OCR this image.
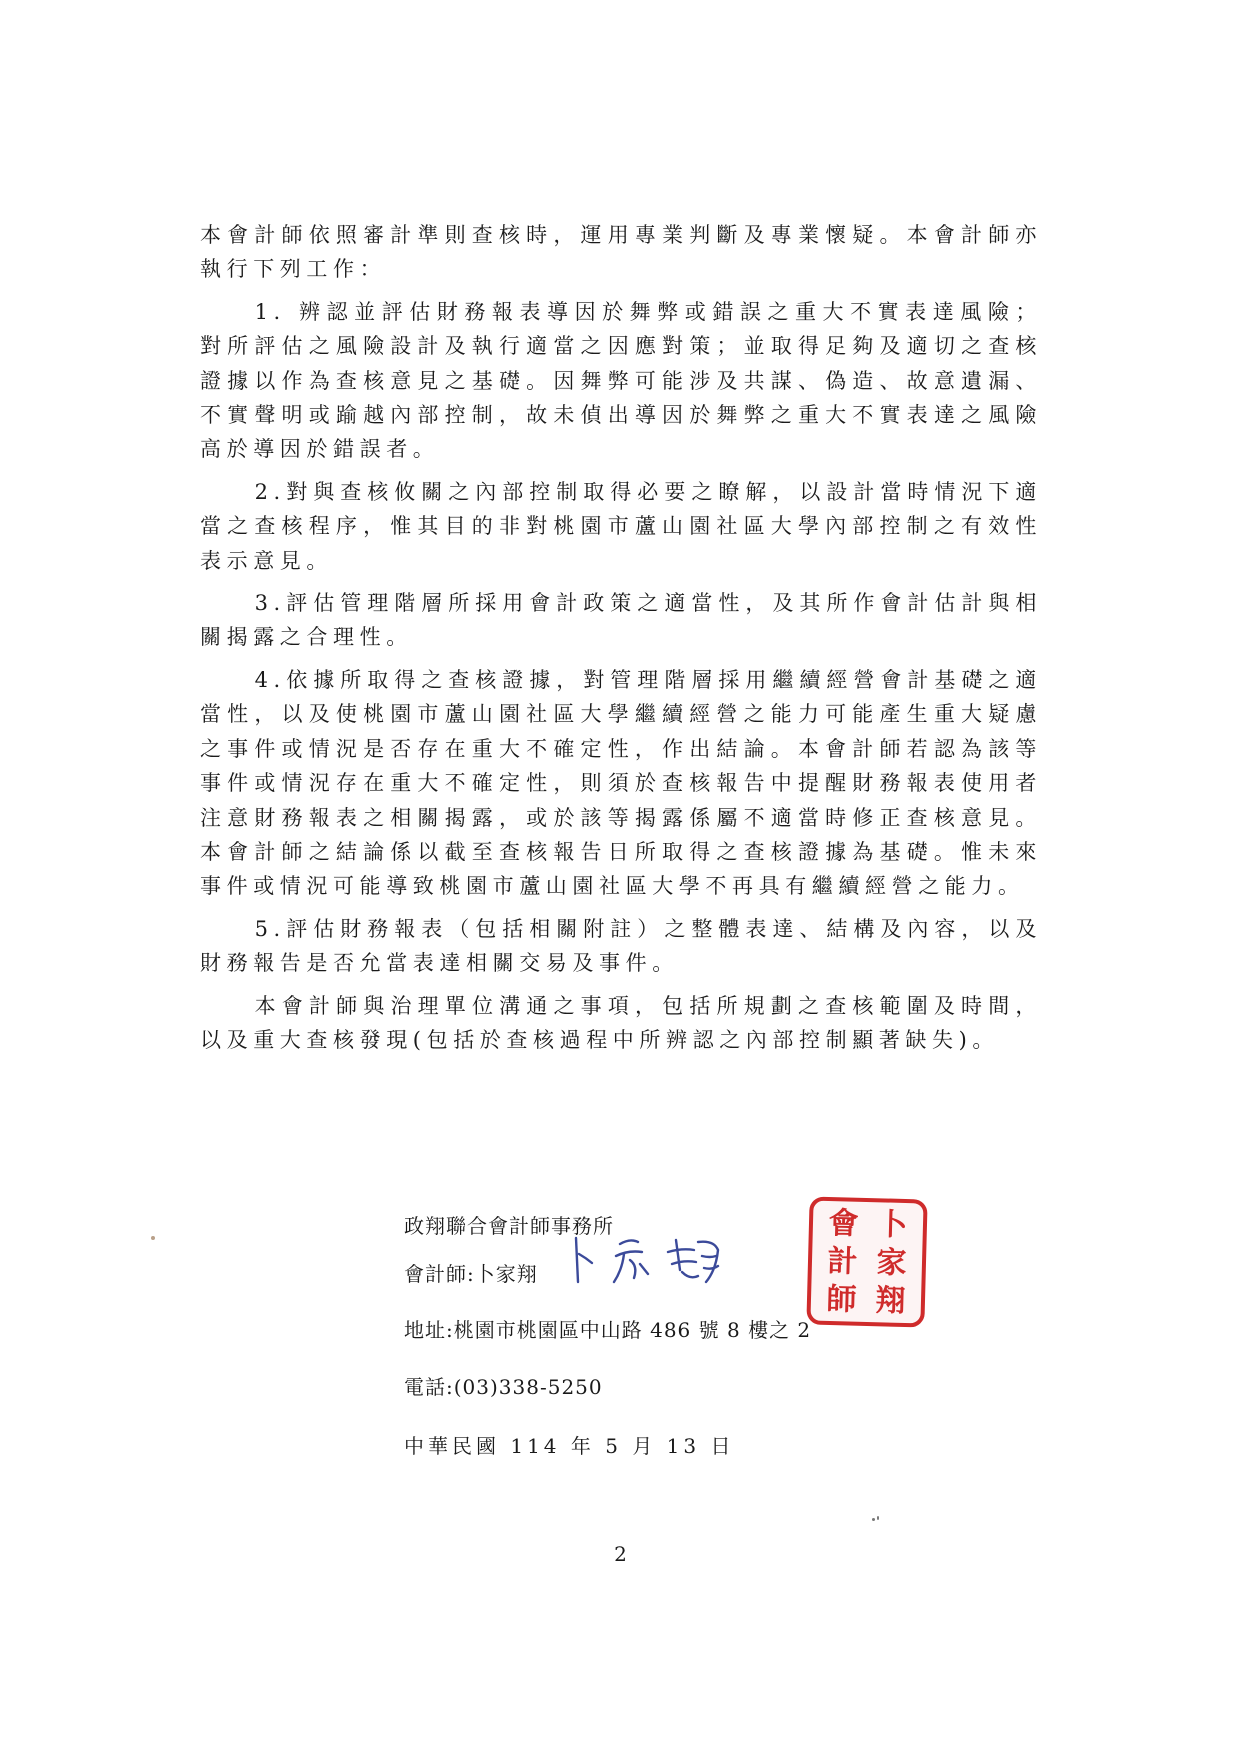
本會計師依照審計準則查核時，運用專業判斷及專業懷疑。本會計師亦執行下列工作：

1. 辨認並評估財務報表導因於舞弊或錯誤之重大不實表達風險；對所評估之風險設計及執行適當之因應對策；並取得足夠及適切之查核證據以作為查核意見之基礎。因舞弊可能涉及共謀、偽造、故意遺漏、不實聲明或踰越內部控制，故未偵出導因於舞弊之重大不實表達之風險高於導因於錯誤者。

2.對與查核攸關之內部控制取得必要之瞭解，以設計當時情況下適當之查核程序，惟其目的非對桃園市蘆山園社區大學內部控制之有效性表示意見。

3.評估管理階層所採用會計政策之適當性，及其所作會計估計與相關揭露之合理性。

4.依據所取得之查核證據，對管理階層採用繼續經營會計基礎之適當性，以及使桃園市蘆山園社區大學繼續經營之能力可能產生重大疑慮之事件或情況是否存在重大不確定性，作出結論。本會計師若認為該等事件或情況存在重大不確定性，則須於查核報告中提醒財務報表使用者注意財務報表之相關揭露，或於該等揭露係屬不適當時修正查核意見。本會計師之結論係以截至查核報告日所取得之查核證據為基礎。惟未來事件或情況可能導致桃園市蘆山園社區大學不再具有繼續經營之能力。

5.評估財務報表（包括相關附註）之整體表達、結構及內容，以及財務報告是否允當表達相關交易及事件。

本會計師與治理單位溝通之事項，包括所規劃之查核範圍及時間，以及重大查核發現(包括於查核過程中所辨認之內部控制顯著缺失)。

政翔聯合會計師事務所
會計師:卜家翔
地址:桃園市桃園區中山路 486 號 8 樓之 2
電話:(03)338-5250
中華民國 114 年 5 月 13 日
會 卜
計 家
師 翔
2
